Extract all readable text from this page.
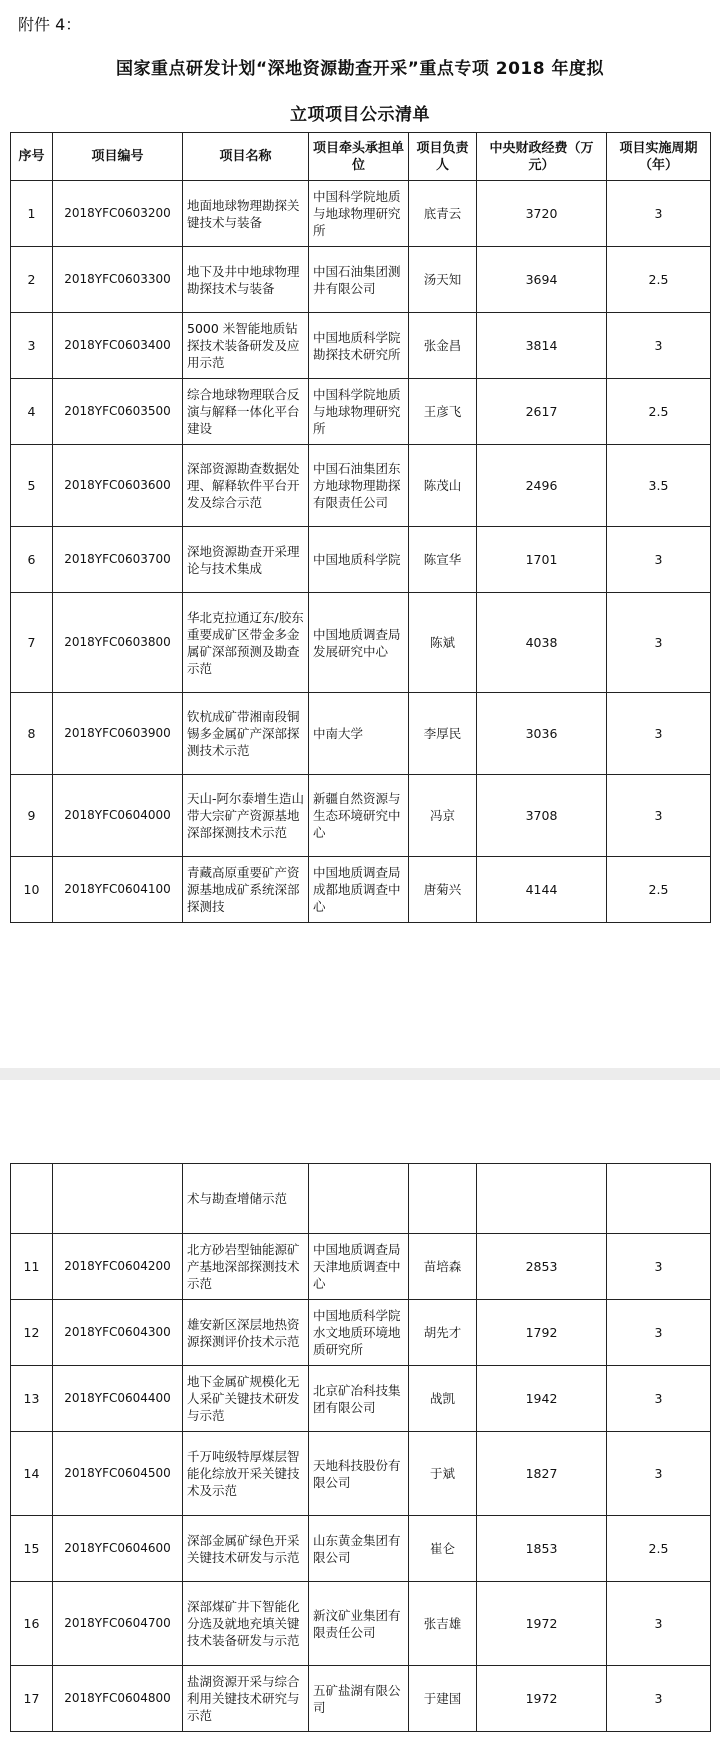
附件 4：
国家重点研发计划“深地资源勘查开采”重点专项 2018 年度拟
立项项目公示清单
序号	项目编号	项目名称	项目牵头承担单位	项目负责人	中央财政经费（万元）	项目实施周期（年）
1	2018YFC0603200	地面地球物理勘探关键技术与装备	中国科学院地质与地球物理研究所	底青云	3720	3
2	2018YFC0603300	地下及井中地球物理勘探技术与装备	中国石油集团测井有限公司	汤天知	3694	2.5
3	2018YFC0603400	5000 米智能地质钻探技术装备研发及应用示范	中国地质科学院勘探技术研究所	张金昌	3814	3
4	2018YFC0603500	综合地球物理联合反演与解释一体化平台建设	中国科学院地质与地球物理研究所	王彦飞	2617	2.5
5	2018YFC0603600	深部资源勘查数据处理、解释软件平台开发及综合示范	中国石油集团东方地球物理勘探有限责任公司	陈茂山	2496	3.5
6	2018YFC0603700	深地资源勘查开采理论与技术集成	中国地质科学院	陈宣华	1701	3
7	2018YFC0603800	华北克拉通辽东/胶东重要成矿区带金多金属矿深部预测及勘查示范	中国地质调查局发展研究中心	陈斌	4038	3
8	2018YFC0603900	钦杭成矿带湘南段铜锡多金属矿产深部探测技术示范	中南大学	李厚民	3036	3
9	2018YFC0604000	天山-阿尔泰增生造山带大宗矿产资源基地深部探测技术示范	新疆自然资源与生态环境研究中心	冯京	3708	3
10	2018YFC0604100	青藏高原重要矿产资源基地成矿系统深部探测技	中国地质调查局成都地质调查中心	唐菊兴	4144	2.5
		术与勘查增储示范				
11	2018YFC0604200	北方砂岩型铀能源矿产基地深部探测技术示范	中国地质调查局天津地质调查中心	苗培森	2853	3
12	2018YFC0604300	雄安新区深层地热资源探测评价技术示范	中国地质科学院水文地质环境地质研究所	胡先才	1792	3
13	2018YFC0604400	地下金属矿规模化无人采矿关键技术研发与示范	北京矿冶科技集团有限公司	战凯	1942	3
14	2018YFC0604500	千万吨级特厚煤层智能化综放开采关键技术及示范	天地科技股份有限公司	于斌	1827	3
15	2018YFC0604600	深部金属矿绿色开采关键技术研发与示范	山东黄金集团有限公司	崔仑	1853	2.5
16	2018YFC0604700	深部煤矿井下智能化分选及就地充填关键技术装备研发与示范	新汶矿业集团有限责任公司	张吉雄	1972	3
17	2018YFC0604800	盐湖资源开采与综合利用关键技术研究与示范	五矿盐湖有限公司	于建国	1972	3
